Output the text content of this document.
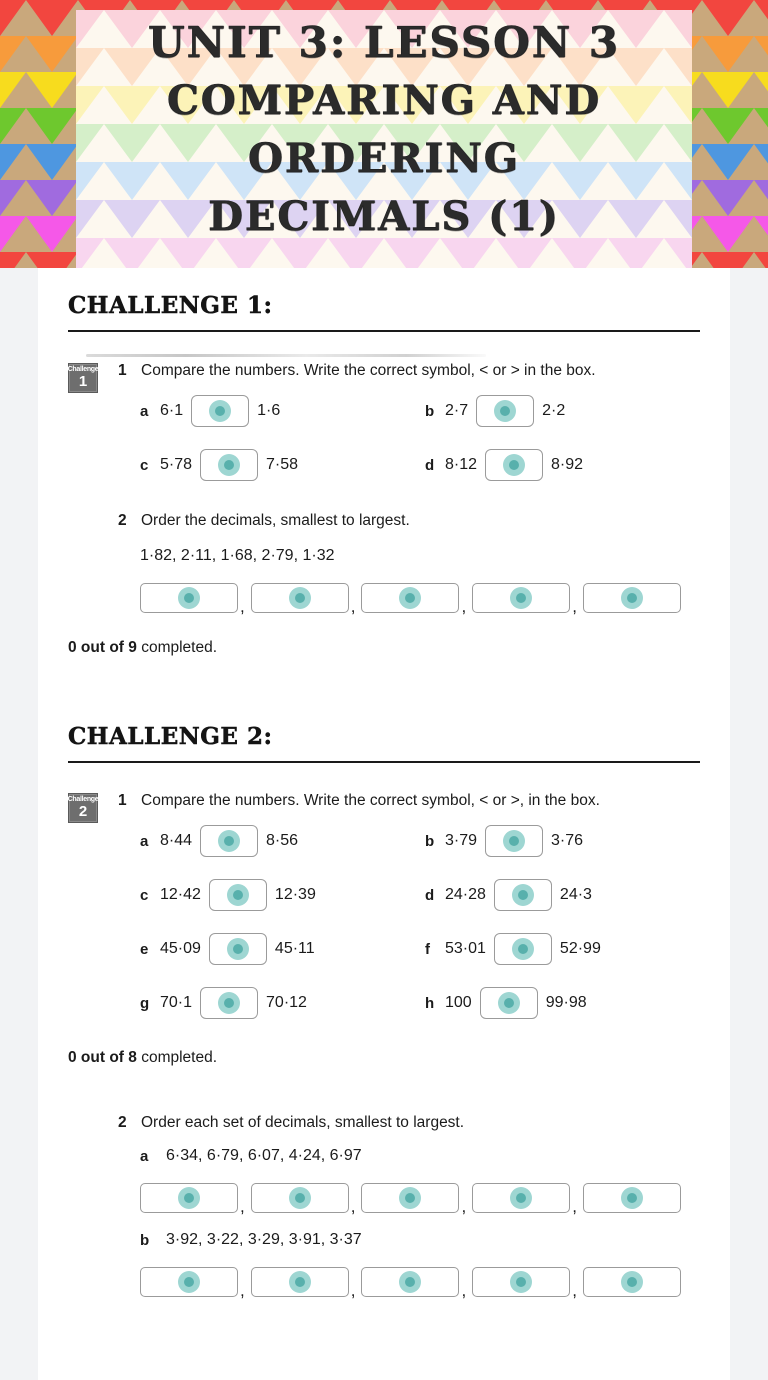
UNIT 3: LESSON 3
COMPARING AND
ORDERING
DECIMALS (1)
CHALLENGE 1:
Challenge
1
1 Compare the numbers. Write the correct symbol, < or > in the box.
a 6·1	1·6	b 2·7	2·2
c 5·78	7·58	d 8·12	8·92
2 Order the decimals, smallest to largest.
1·82, 2·11, 1·68, 2·79, 1·32
,	,	,	,
0 out of 9 completed.
CHALLENGE 2:
Challenge
2
1 Compare the numbers. Write the correct symbol, < or >, in the box.
a 8·44	8·56	b 3·79	3·76
c 12·42	12·39	d 24·28	24·3
e 45·09	45·11	f 53·01	52·99
g 70·1	70·12	h 100	99·98
0 out of 8 completed.
2 Order each set of decimals, smallest to largest.
a 6·34, 6·79, 6·07, 4·24, 6·97
,	,	,	,
b 3·92, 3·22, 3·29, 3·91, 3·37
,	,	,	,
